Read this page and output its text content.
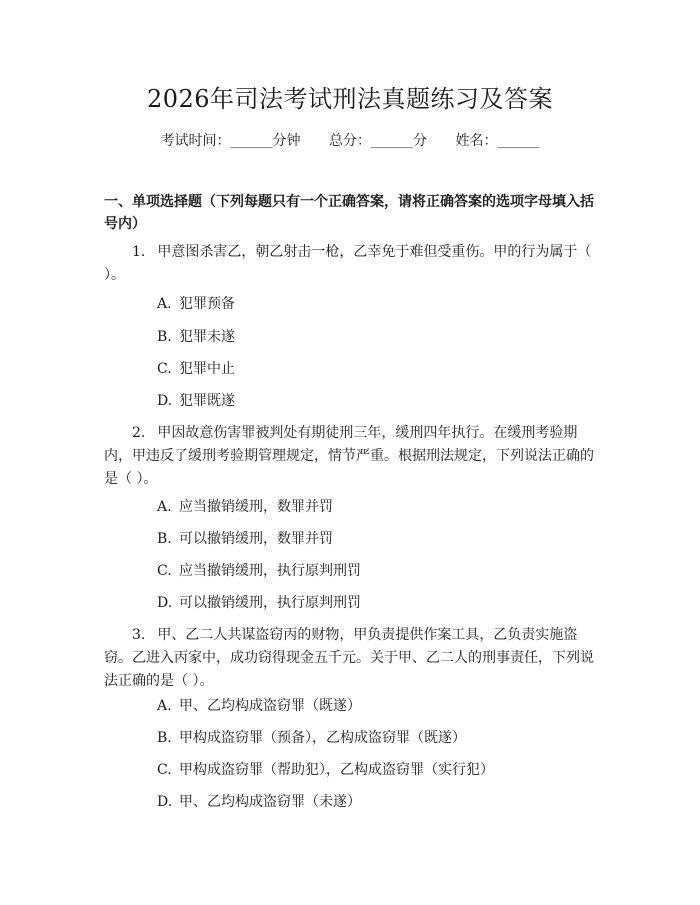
2026年司法考试刑法真题练习及答案
考试时间：______分钟 总分：______分 姓名：______
一、单项选择题（下列每题只有一个正确答案，请将正确答案的选项字母填入括号内）
1. 甲意图杀害乙，朝乙射击一枪，乙幸免于难但受重伤。甲的行为属于（ ）。
A. 犯罪预备
B. 犯罪未遂
C. 犯罪中止
D. 犯罪既遂
2. 甲因故意伤害罪被判处有期徒刑三年，缓刑四年执行。在缓刑考验期内，甲违反了缓刑考验期管理规定，情节严重。根据刑法规定，下列说法正确的是（ ）。
A. 应当撤销缓刑，数罪并罚
B. 可以撤销缓刑，数罪并罚
C. 应当撤销缓刑，执行原判刑罚
D. 可以撤销缓刑，执行原判刑罚
3. 甲、乙二人共谋盗窃丙的财物，甲负责提供作案工具，乙负责实施盗窃。乙进入丙家中，成功窃得现金五千元。关于甲、乙二人的刑事责任，下列说法正确的是（ ）。
A. 甲、乙均构成盗窃罪（既遂）
B. 甲构成盗窃罪（预备），乙构成盗窃罪（既遂）
C. 甲构成盗窃罪（帮助犯），乙构成盗窃罪（实行犯）
D. 甲、乙均构成盗窃罪（未遂）
